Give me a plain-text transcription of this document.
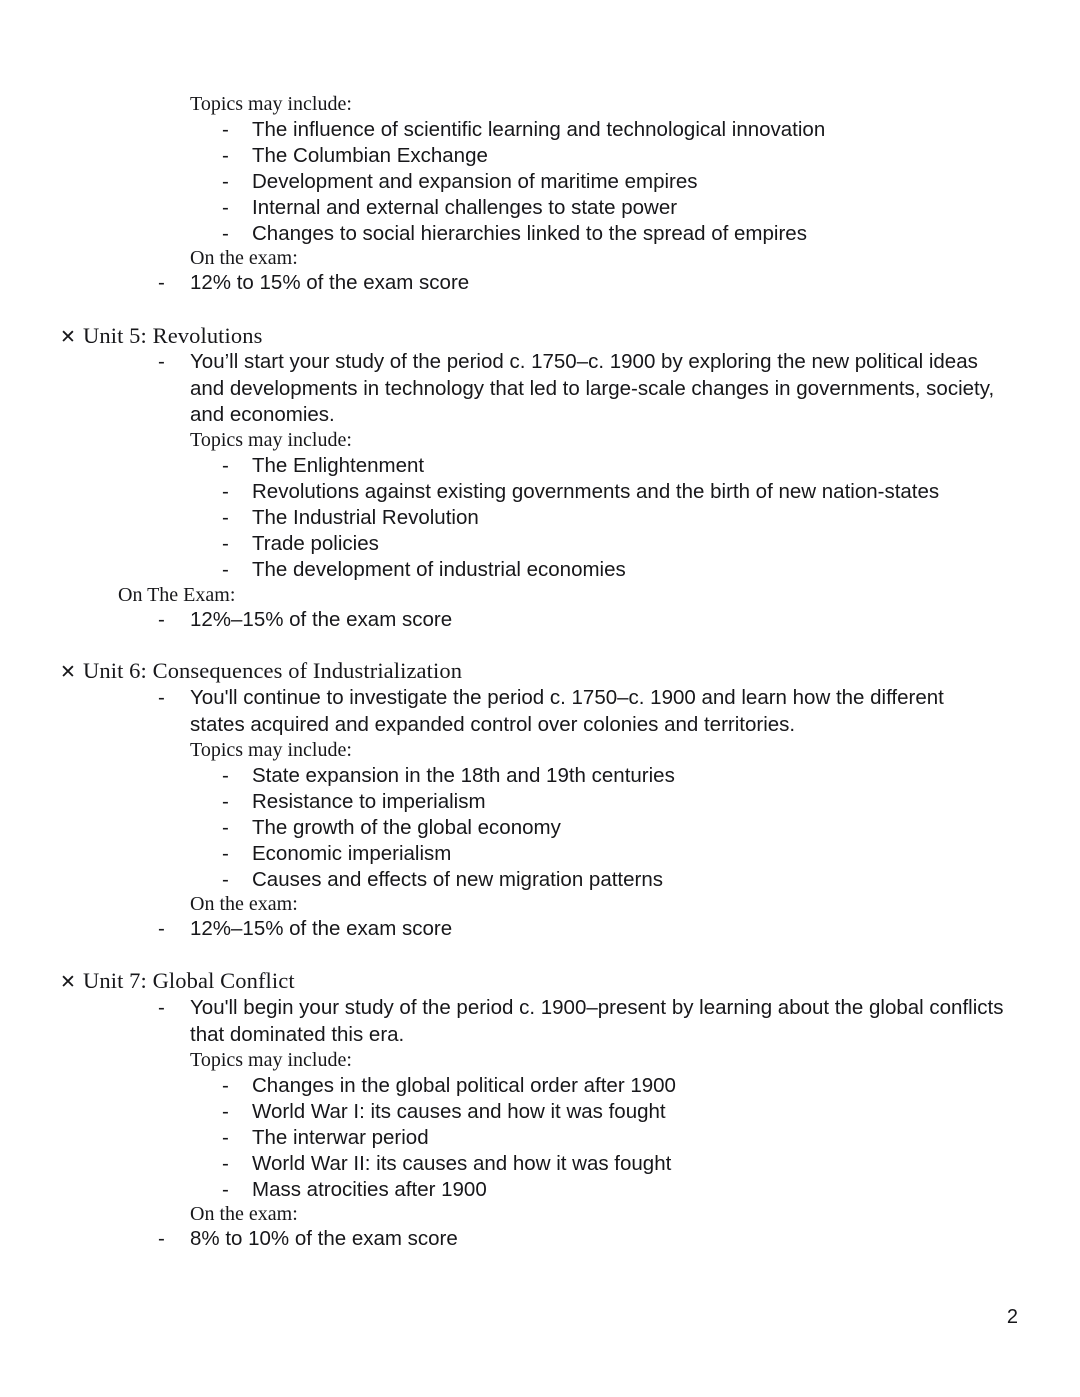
Topics may include:
-	The influence of scientific learning and technological innovation
-	The Columbian Exchange
-	Development and expansion of maritime empires
-	Internal and external challenges to state power
-	Changes to social hierarchies linked to the spread of empires
On the exam:
-	12% to 15% of the exam score
✕ Unit 5: Revolutions
-	You’ll start your study of the period c. 1750–c. 1900 by exploring the new political ideas and developments in technology that led to large-scale changes in governments, society, and economies.
Topics may include:
-	The Enlightenment
-	Revolutions against existing governments and the birth of new nation-states
-	The Industrial Revolution
-	Trade policies
-	The development of industrial economies
On The Exam:
-	12%–15% of the exam score
✕ Unit 6: Consequences of Industrialization
-	You'll continue to investigate the period c. 1750–c. 1900 and learn how the different states acquired and expanded control over colonies and territories.
Topics may include:
-	State expansion in the 18th and 19th centuries
-	Resistance to imperialism
-	The growth of the global economy
-	Economic imperialism
-	Causes and effects of new migration patterns
On the exam:
-	12%–15% of the exam score
✕ Unit 7: Global Conflict
-	You'll begin your study of the period c. 1900–present by learning about the global conflicts that dominated this era.
Topics may include:
-	Changes in the global political order after 1900
-	World War I: its causes and how it was fought
-	The interwar period
-	World War II: its causes and how it was fought
-	Mass atrocities after 1900
On the exam:
-	8% to 10% of the exam score
2
